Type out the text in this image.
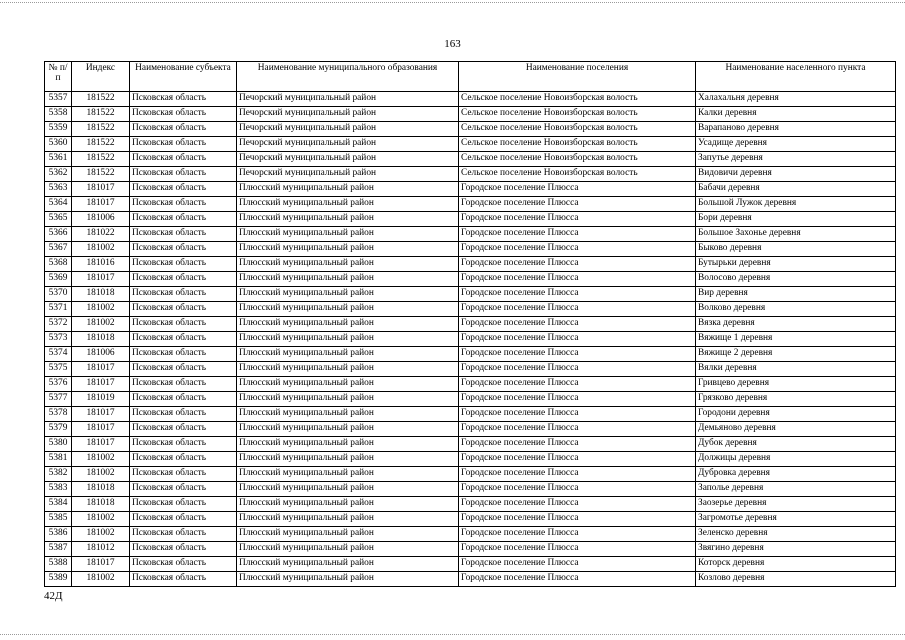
163
№ п/п	Индекс	Наименование субъекта	Наименование муниципального образования	Наименование поселения	Наименование населенного пункта
5357	181522	Псковская область	Печорский муниципальный район	Сельское поселение Новоизборская волость	Халахальня деревня
5358	181522	Псковская область	Печорский муниципальный район	Сельское поселение Новоизборская волость	Калки деревня
5359	181522	Псковская область	Печорский муниципальный район	Сельское поселение Новоизборская волость	Варапаново деревня
5360	181522	Псковская область	Печорский муниципальный район	Сельское поселение Новоизборская волость	Усадище деревня
5361	181522	Псковская область	Печорский муниципальный район	Сельское поселение Новоизборская волость	Запутье деревня
5362	181522	Псковская область	Печорский муниципальный район	Сельское поселение Новоизборская волость	Видовичи деревня
5363	181017	Псковская область	Плюсский муниципальный район	Городское поселение Плюсса	Бабачи деревня
5364	181017	Псковская область	Плюсский муниципальный район	Городское поселение Плюсса	Большой Лужок деревня
5365	181006	Псковская область	Плюсский муниципальный район	Городское поселение Плюсса	Бори деревня
5366	181022	Псковская область	Плюсский муниципальный район	Городское поселение Плюсса	Большое Захонье деревня
5367	181002	Псковская область	Плюсский муниципальный район	Городское поселение Плюсса	Быково деревня
5368	181016	Псковская область	Плюсский муниципальный район	Городское поселение Плюсса	Бутырьки деревня
5369	181017	Псковская область	Плюсский муниципальный район	Городское поселение Плюсса	Волосово деревня
5370	181018	Псковская область	Плюсский муниципальный район	Городское поселение Плюсса	Вир деревня
5371	181002	Псковская область	Плюсский муниципальный район	Городское поселение Плюсса	Волково деревня
5372	181002	Псковская область	Плюсский муниципальный район	Городское поселение Плюсса	Вязка деревня
5373	181018	Псковская область	Плюсский муниципальный район	Городское поселение Плюсса	Вяжище 1 деревня
5374	181006	Псковская область	Плюсский муниципальный район	Городское поселение Плюсса	Вяжище 2 деревня
5375	181017	Псковская область	Плюсский муниципальный район	Городское поселение Плюсса	Вялки деревня
5376	181017	Псковская область	Плюсский муниципальный район	Городское поселение Плюсса	Гривцево деревня
5377	181019	Псковская область	Плюсский муниципальный район	Городское поселение Плюсса	Грязково деревня
5378	181017	Псковская область	Плюсский муниципальный район	Городское поселение Плюсса	Городони деревня
5379	181017	Псковская область	Плюсский муниципальный район	Городское поселение Плюсса	Демьяново деревня
5380	181017	Псковская область	Плюсский муниципальный район	Городское поселение Плюсса	Дубок деревня
5381	181002	Псковская область	Плюсский муниципальный район	Городское поселение Плюсса	Должицы деревня
5382	181002	Псковская область	Плюсский муниципальный район	Городское поселение Плюсса	Дубровка деревня
5383	181018	Псковская область	Плюсский муниципальный район	Городское поселение Плюсса	Заполье деревня
5384	181018	Псковская область	Плюсский муниципальный район	Городское поселение Плюсса	Заозерье деревня
5385	181002	Псковская область	Плюсский муниципальный район	Городское поселение Плюсса	Загромотье деревня
5386	181002	Псковская область	Плюсский муниципальный район	Городское поселение Плюсса	Зеленско деревня
5387	181012	Псковская область	Плюсский муниципальный район	Городское поселение Плюсса	Звягино деревня
5388	181017	Псковская область	Плюсский муниципальный район	Городское поселение Плюсса	Которск деревня
5389	181002	Псковская область	Плюсский муниципальный район	Городское поселение Плюсса	Козлово деревня
42Д
